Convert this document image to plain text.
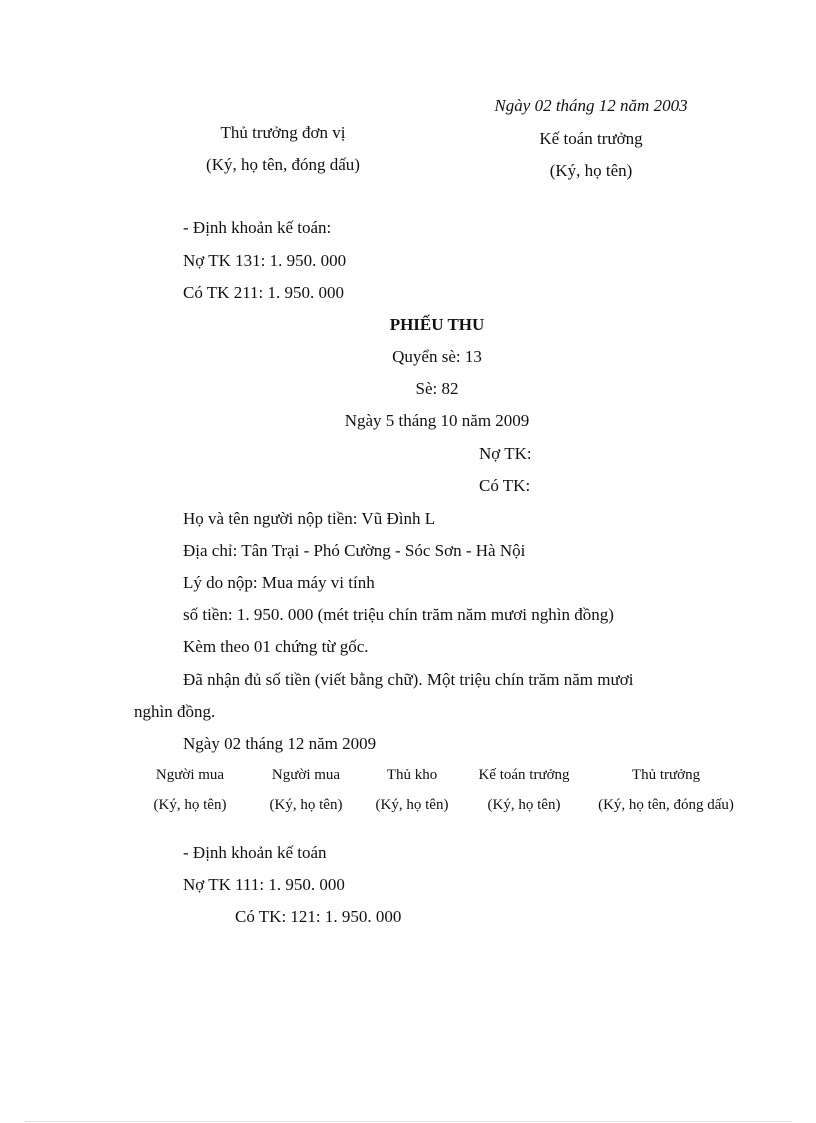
Ngày 02 tháng 12 năm 2003
Thủ trưởng đơn vị
(Ký, họ tên, đóng dấu)
Kế toán trưởng
(Ký, họ tên)
- Định khoản kế toán:
Nợ TK 131: 1. 950. 000
Có TK 211: 1. 950. 000
PHIẾU THU
Quyển sè: 13
Sè: 82
Ngày 5 tháng 10 năm 2009
Nợ TK:
Có TK:
Họ và tên người nộp tiền: Vũ Đình L
Địa chỉ: Tân Trại - Phó Cường - Sóc Sơn - Hà Nội
Lý do nộp: Mua máy vi tính
số tiền: 1. 950. 000 (mét triệu chín trăm năm mươi nghìn đồng)
Kèm theo 01 chứng từ gốc.
Đã nhận đủ số tiền (viết bằng chữ). Một triệu chín trăm năm mươi
nghìn đồng.
Ngày 02 tháng 12 năm 2009
Người mua
(Ký, họ tên)
Người mua
(Ký, họ tên)
Thủ kho
(Ký, họ tên)
Kế toán trưởng
(Ký, họ tên)
Thủ trưởng
(Ký, họ tên, đóng dấu)
- Định khoản kế toán
Nợ TK 111: 1. 950. 000
Có TK: 121: 1. 950. 000
